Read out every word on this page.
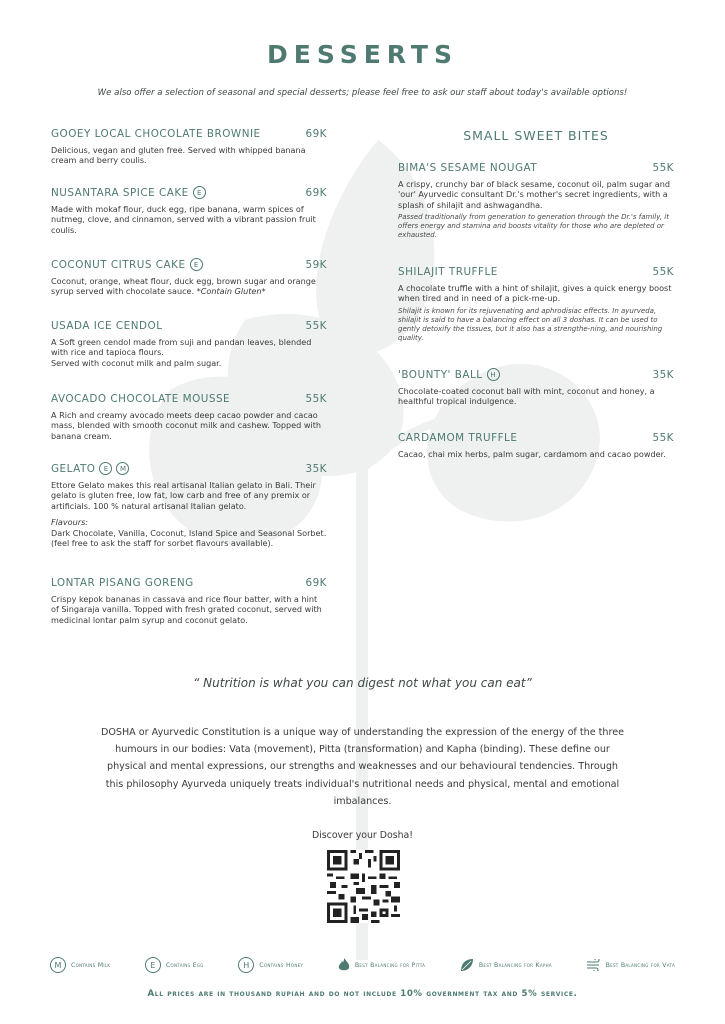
DESSERTS
We also offer a selection of seasonal and special desserts; please feel free to ask our staff about today's available options!
GOOEY LOCAL CHOCOLATE BROWNIE	69K
Delicious, vegan and gluten free. Served with whipped banana cream and berry coulis.
NUSANTARA SPICE CAKE	E	69K
Made with mokaf flour, duck egg, ripe banana, warm spices of nutmeg, clove, and cinnamon, served with a vibrant passion fruit coulis.
COCONUT CITRUS CAKE	E	59K
Coconut, orange, wheat flour, duck egg, brown sugar and orange syrup served with chocolate sauce. *Contain Gluten*
USADA ICE CENDOL	55K
A Soft green cendol made from suji and pandan leaves, blended with rice and tapioca flours.
Served with coconut milk and palm sugar.
AVOCADO CHOCOLATE MOUSSE	55K
A Rich and creamy avocado meets deep cacao powder and cacao mass, blended with smooth coconut milk and cashew. Topped with banana cream.
GELATO	E	M	35K
Ettore Gelato makes this real artisanal Italian gelato in Bali. Their gelato is gluten free, low fat, low carb and free of any premix or artificials. 100 % natural artisanal Italian gelato.
Flavours:
Dark Chocolate, Vanilla, Coconut, Island Spice and Seasonal Sorbet. (feel free to ask the staff for sorbet flavours available).
LONTAR PISANG GORENG	69K
Crispy kepok bananas in cassava and rice flour batter, with a hint of Singaraja vanilla. Topped with fresh grated coconut, served with medicinal lontar palm syrup and coconut gelato.
SMALL SWEET BITES
BIMA'S SESAME NOUGAT	55K
A crispy, crunchy bar of black sesame, coconut oil, palm sugar and 'our' Ayurvedic consultant Dr.'s mother's secret ingredients, with a splash of shilajit and ashwagandha.
Passed traditionally from generation to generation through the Dr.'s family, it offers energy and stamina and boosts vitality for those who are depleted or exhausted.
SHILAJIT TRUFFLE	55K
A chocolate truffle with a hint of shilajit, gives a quick energy boost when tired and in need of a pick-me-up.
Shilajit is known for its rejuvenating and aphrodisiac effects. In ayurveda, shilajit is said to have a balancing effect on all 3 doshas. It can be used to gently detoxify the tissues, but it also has a strengthe-ning, and nourishing quality.
'BOUNTY' BALL	H	35K
Chocolate-coated coconut ball with mint, coconut and honey, a healthful tropical indulgence.
CARDAMOM TRUFFLE	55K
Cacao, chai mix herbs, palm sugar, cardamom and cacao powder.
“ Nutrition is what you can digest not what you can eat”
DOSHA or Ayurvedic Constitution is a unique way of understanding the expression of the energy of the three humours in our bodies: Vata (movement), Pitta (transformation) and Kapha (binding). These define our physical and mental expressions, our strengths and weaknesses and our behavioural tendencies. Through this philosophy Ayurveda uniquely treats individual's nutritional needs and physical, mental and emotional imbalances.
Discover your Dosha!
M	Contains Milk	E	Contains Egg	H	Contains Honey	Best Balancing for Pitta	Best Balancing for Kapha	Best Balancing for Vata
All prices are in thousand rupiah and do not include 10% government tax and 5% service.
